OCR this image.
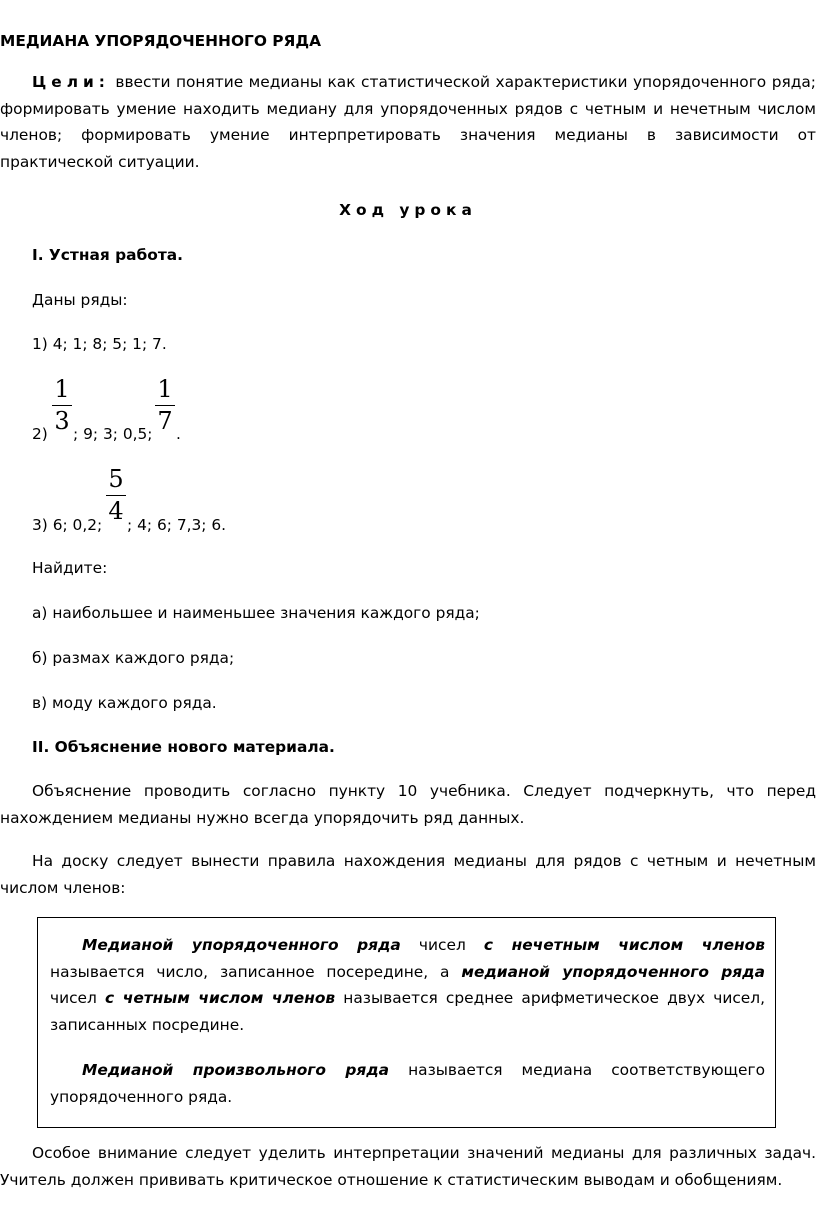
МЕДИАНА УПОРЯДОЧЕННОГО РЯДА
Цели: ввести понятие медианы как статистической характеристики упорядоченного ряда; формировать умение находить медиану для упорядоченных рядов с четным и нечетным числом членов; формировать умение интерпретировать значения медианы в зависимости от практической ситуации.
Ход урока
I. Устная работа.
Даны ряды:
1) 4; 1; 8; 5; 1; 7.
2)
1
3 ; 9; 3; 0,5;
1
7 .
3) 6; 0,2;
5
4 ; 4; 6; 7,3; 6.
Найдите:
а) наибольшее и наименьшее значения каждого ряда;
б) размах каждого ряда;
в) моду каждого ряда.
II. Объяснение нового материала.
Объяснение проводить согласно пункту 10 учебника. Следует подчеркнуть, что перед нахождением медианы нужно всегда упорядочить ряд данных.
На доску следует вынести правила нахождения медианы для рядов с четным и нечетным числом членов:
Медианой упорядоченного ряда чисел с нечетным числом членов называется число, записанное посередине, а медианой упорядоченного ряда чисел с четным числом членов называется среднее арифметическое двух чисел, записанных посредине.
Медианой произвольного ряда называется медиана соответствующего упорядоченного ряда.
Особое внимание следует уделить интерпретации значений медианы для различных задач. Учитель должен прививать критическое отношение к статистическим выводам и обобщениям.
